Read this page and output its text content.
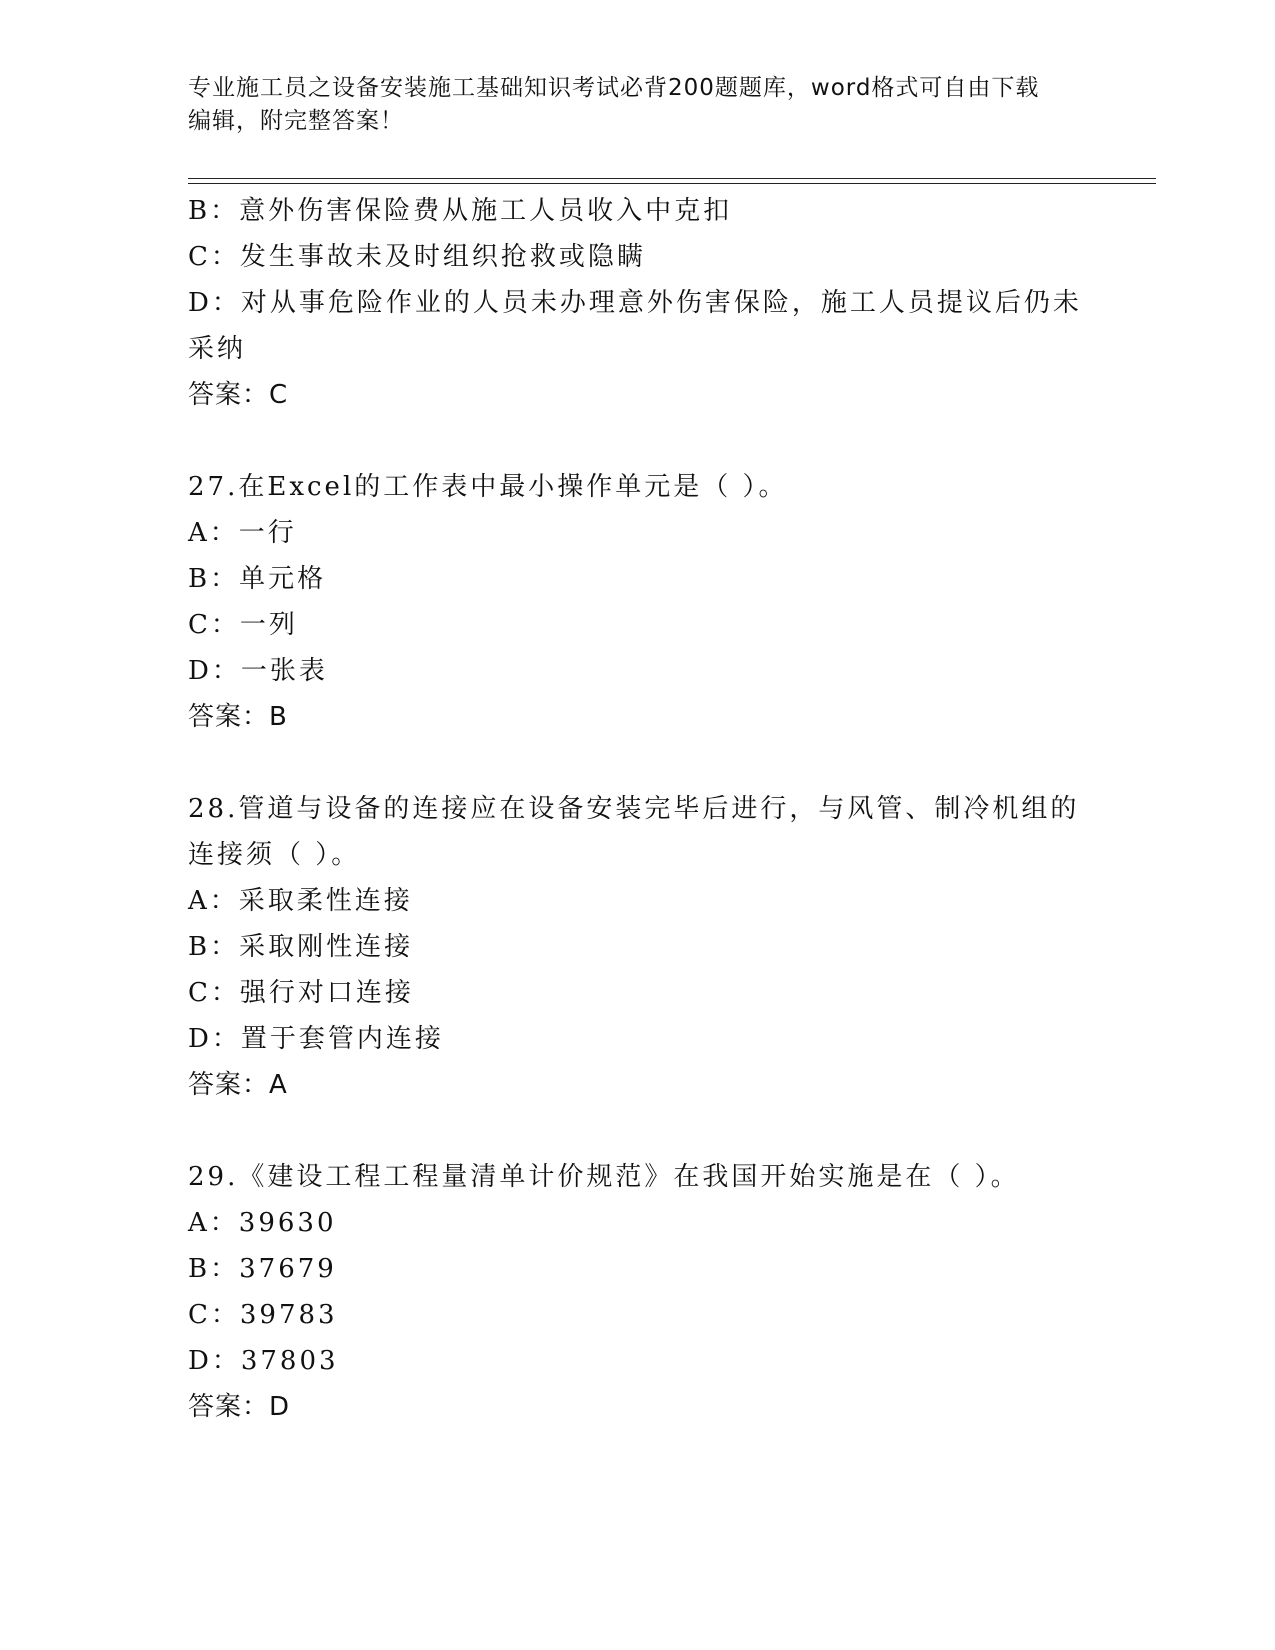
专业施工员之设备安装施工基础知识考试必背200题题库，word格式可自由下载
编辑，附完整答案！
B：意外伤害保险费从施工人员收入中克扣
C：发生事故未及时组织抢救或隐瞒
D：对从事危险作业的人员未办理意外伤害保险，施工人员提议后仍未
采纳
答案：C
27.在Excel的工作表中最小操作单元是（ ）。
A：一行
B：单元格
C：一列
D：一张表
答案：B
28.管道与设备的连接应在设备安装完毕后进行，与风管、制冷机组的
连接须（ ）。
A：采取柔性连接
B：采取刚性连接
C：强行对口连接
D：置于套管内连接
答案：A
29.《建设工程工程量清单计价规范》在我国开始实施是在（ ）。
A：39630
B：37679
C：39783
D：37803
答案：D
